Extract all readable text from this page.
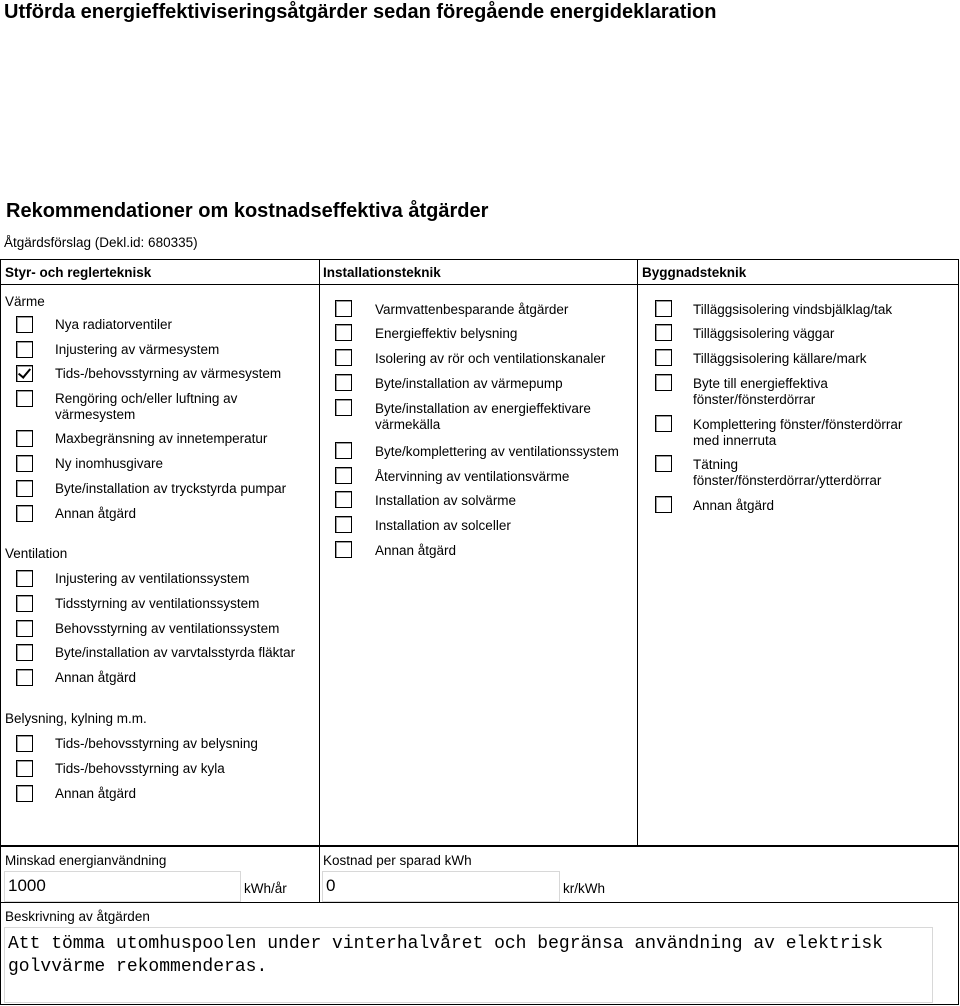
Utförda energieffektiviseringsåtgärder sedan föregående energideklaration
Rekommendationer om kostnadseffektiva åtgärder
Åtgärdsförslag (Dekl.id: 680335)
Styr- och reglerteknisk	Installationsteknik	Byggnadsteknik
Värme
Ventilation
Belysning, kylning m.m.
Nya radiatorventiler
Injustering av värmesystem
Tids-/behovsstyrning av värmesystem
Rengöring och/eller luftning av värmesystem
Maxbegränsning av innetemperatur
Ny inomhusgivare
Byte/installation av tryckstyrda pumpar
Annan åtgärd
Injustering av ventilationssystem
Tidsstyrning av ventilationssystem
Behovsstyrning av ventilationssystem
Byte/installation av varvtalsstyrda fläktar
Annan åtgärd
Tids-/behovsstyrning av belysning
Tids-/behovsstyrning av kyla
Annan åtgärd
Varmvattenbesparande åtgärder
Energieffektiv belysning
Isolering av rör och ventilationskanaler
Byte/installation av värmepump
Byte/installation av energieffektivare värmekälla
Byte/komplettering av ventilationssystem
Återvinning av ventilationsvärme
Installation av solvärme
Installation av solceller
Annan åtgärd
Tilläggsisolering vindsbjälklag/tak
Tilläggsisolering väggar
Tilläggsisolering källare/mark
Byte till energieffektiva fönster/fönsterdörrar
Komplettering fönster/fönsterdörrar med innerruta
Tätning fönster/fönsterdörrar/ytterdörrar
Annan åtgärd
Minskad energianvändning
1000	kWh/år
Kostnad per sparad kWh
0	kr/kWh
Beskrivning av åtgärden
Att tömma utomhuspoolen under vinterhalvåret och begränsa användning av elektrisk golvvärme rekommenderas.
